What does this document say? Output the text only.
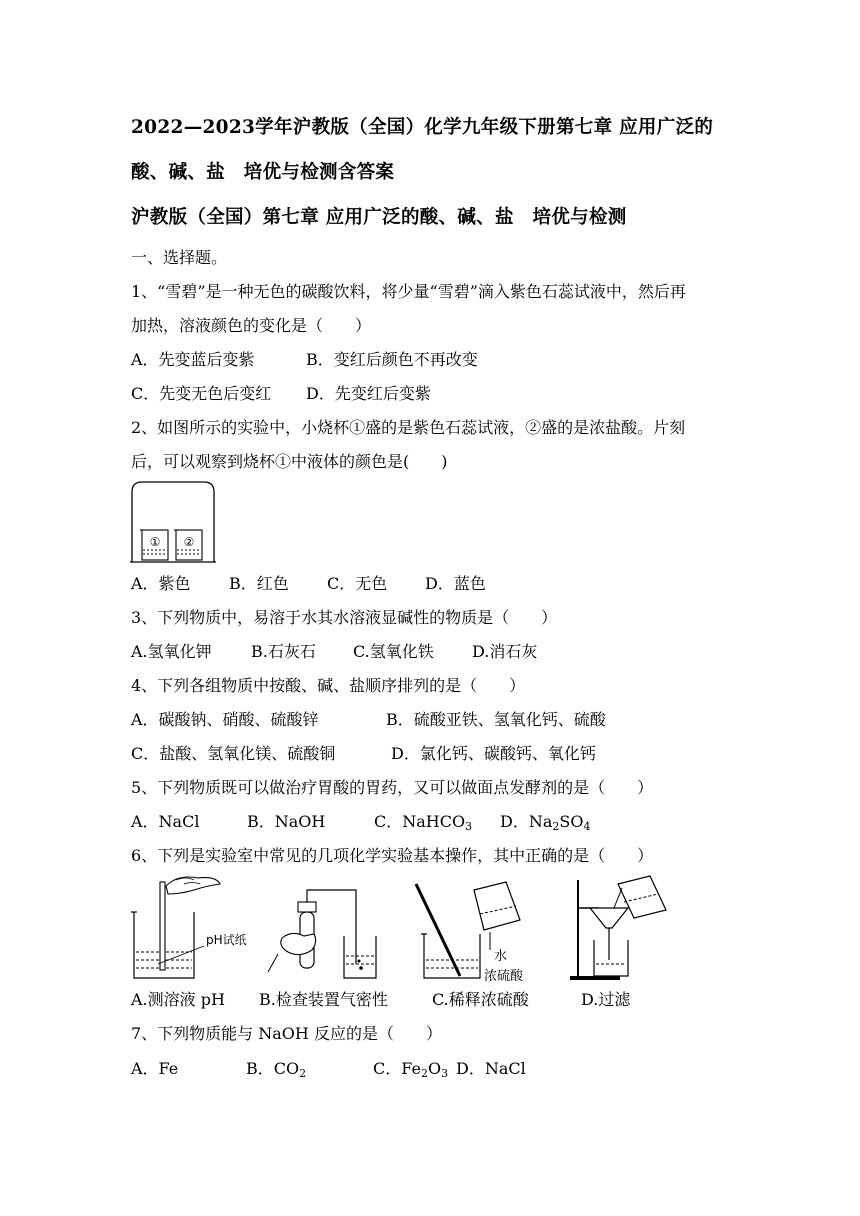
2022—2023学年沪教版（全国）化学九年级下册第七章 应用广泛的
酸、碱、盐　培优与检测含答案
沪教版（全国）第七章 应用广泛的酸、碱、盐　培优与检测
一、选择题。
1、“雪碧”是一种无色的碳酸饮料，将少量“雪碧”滴入紫色石蕊试液中，然后再
加热，溶液颜色的变化是（　　）
A．先变蓝后变紫	B．变红后颜色不再改变
C．先变无色后变红 D．先变红后变紫
2、如图所示的实验中，小烧杯①盛的是紫色石蕊试液，②盛的是浓盐酸。片刻
后，可以观察到烧杯①中液体的颜色是(　　)
① ②
A．紫色 B．红色 C．无色 D．蓝色
3、下列物质中，易溶于水其水溶液显碱性的物质是（　　）
A.氢氧化钾 B.石灰石 C.氢氧化铁 D.消石灰
4、下列各组物质中按酸、碱、盐顺序排列的是（　　）
A．碳酸钠、硝酸、硫酸锌	B．硫酸亚铁、氢氧化钙、硫酸
C．盐酸、氢氧化镁、硫酸铜	D．氯化钙、碳酸钙、氧化钙
5、下列物质既可以做治疗胃酸的胃药，又可以做面点发酵剂的是（　　）
A．NaCl	B．NaOH	C．NaHCO$_3$ D．$Na_2SO_4$
6、下列是实验室中常见的几项化学实验基本操作，其中正确的是（　　）
pH试纸
水
浓硫酸
A.测溶液 pH B.检查装置气密性	C.稀释浓硫酸	D.过滤
7、下列物质能与 NaOH 反应的是（　　）
A．Fe	B．$CO_2$	C．$Fe_2O_3$ D．NaCl
